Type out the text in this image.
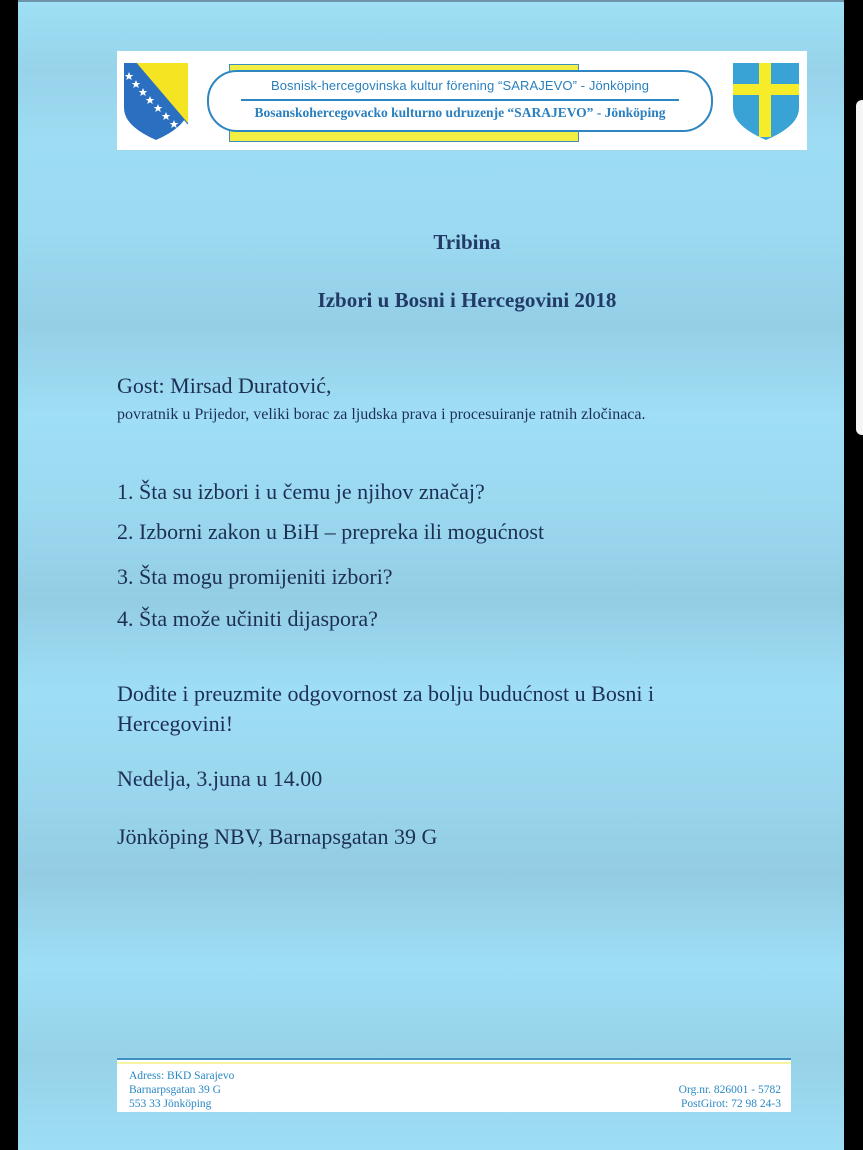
Bosnisk-hercegovinska kultur förening “SARAJEVO” - Jönköping
Bosanskohercegovacko kulturno udruzenje “SARAJEVO” - Jönköping
Tribina
Izbori u Bosni i Hercegovini 2018
Gost: Mirsad Duratović,
povratnik u Prijedor, veliki borac za ljudska prava i procesuiranje ratnih zločinaca.
1. Šta su izbori i u čemu je njihov značaj?
2. Izborni zakon u BiH – prepreka ili mogućnost
3. Šta mogu promijeniti izbori?
4. Šta može učiniti dijaspora?
Dođite i preuzmite odgovornost za bolju budućnost u Bosni i Hercegovini!
Nedelja, 3.juna u 14.00
Jönköping NBV, Barnapsgatan 39 G
Adress: BKD Sarajevo
Barnarpsgatan 39 G
553 33 Jönköping
Org.nr. 826001 - 5782
PostGirot: 72 98 24-3
